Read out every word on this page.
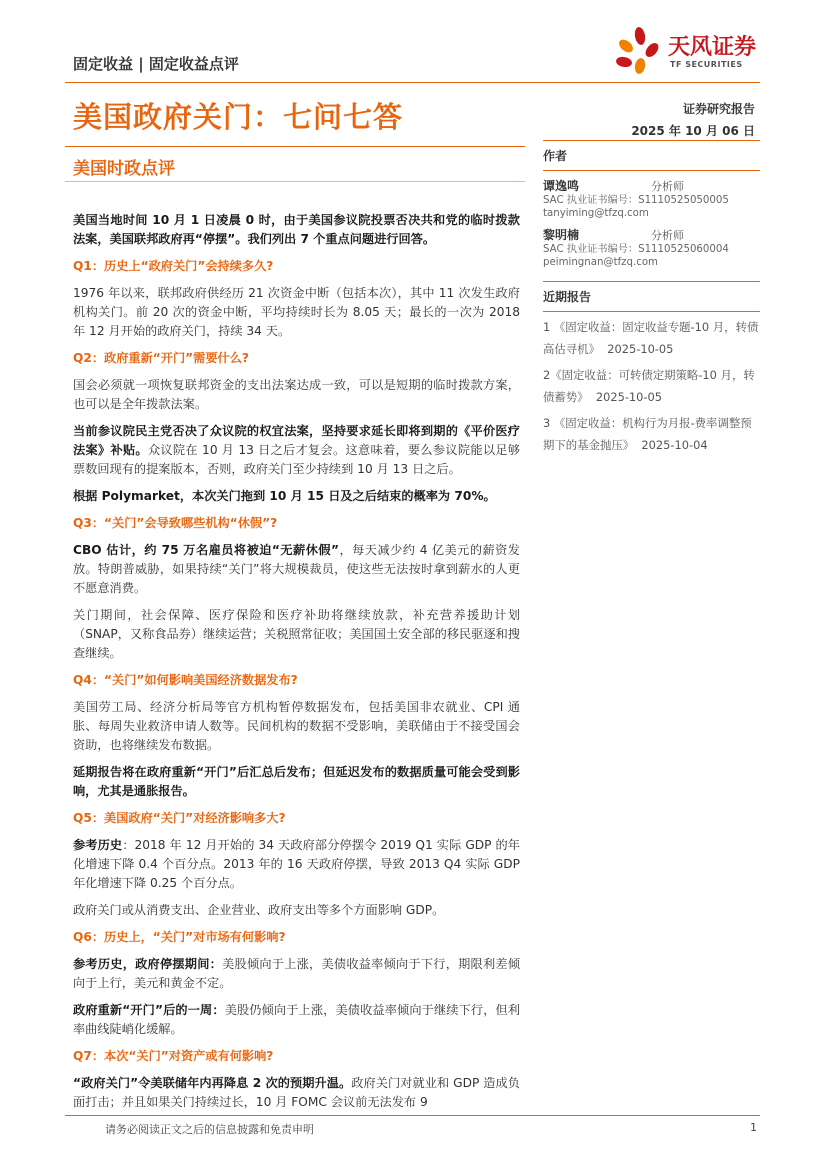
固定收益 | 固定收益点评
天风证券
TF SECURITIES
美国政府关门：七问七答	证券研究报告
2025 年 10 月 06 日
美国时政点评

美国当地时间 10 月 1 日凌晨 0 时，由于美国参议院投票否决共和党的临时拨款法案，美国联邦政府再“停摆”。我们列出 7 个重点问题进行回答。

Q1：历史上“政府关门”会持续多久?

1976 年以来，联邦政府供经历 21 次资金中断（包括本次），其中 11 次发生政府机构关门。前 20 次的资金中断，平均持续时长为 8.05 天；最长的一次为 2018 年 12 月开始的政府关门，持续 34 天。

Q2：政府重新“开门”需要什么?

国会必须就一项恢复联邦资金的支出法案达成一致，可以是短期的临时拨款方案，也可以是全年拨款法案。

当前参议院民主党否决了众议院的权宜法案，坚持要求延长即将到期的《平价医疗法案》补贴。众议院在 10 月 13 日之后才复会。这意味着，要么参议院能以足够票数回现有的提案版本，否则，政府关门至少持续到 10 月 13 日之后。

根据 Polymarket，本次关门拖到 10 月 15 日及之后结束的概率为 70%。

Q3：“关门”会导致哪些机构“休假”?

CBO 估计，约 75 万名雇员将被迫“无薪休假”，每天减少约 4 亿美元的薪资发放。特朗普威胁，如果持续“关门”将大规模裁员，使这些无法按时拿到薪水的人更不愿意消费。

关门期间，社会保障、医疗保险和医疗补助将继续放款，补充营养援助计划（SNAP，又称食品券）继续运营；关税照常征收；美国国土安全部的移民驱逐和搜查继续。

Q4：“关门”如何影响美国经济数据发布?

美国劳工局、经济分析局等官方机构暂停数据发布，包括美国非农就业、CPI 通胀、每周失业救济申请人数等。民间机构的数据不受影响，美联储由于不接受国会资助，也将继续发布数据。

延期报告将在政府重新“开门”后汇总后发布；但延迟发布的数据质量可能会受到影响，尤其是通胀报告。

Q5：美国政府“关门”对经济影响多大?

参考历史：2018 年 12 月开始的 34 天政府部分停摆令 2019 Q1 实际 GDP 的年化增速下降 0.4 个百分点。2013 年的 16 天政府停摆，导致 2013 Q4 实际 GDP 年化增速下降 0.25 个百分点。

政府关门或从消费支出、企业营业、政府支出等多个方面影响 GDP。

Q6：历史上，“关门”对市场有何影响?

参考历史，政府停摆期间：美股倾向于上涨，美债收益率倾向于下行，期限利差倾向于上行，美元和黄金不定。

政府重新“开门”后的一周：美股仍倾向于上涨，美债收益率倾向于继续下行，但利率曲线陡峭化缓解。

Q7：本次“关门”对资产或有何影响?

“政府关门”令美联储年内再降息 2 次的预期升温。政府关门对就业和 GDP 造成负面打击；并且如果关门持续过长，10 月 FOMC 会议前无法发布 9

作者
谭逸鸣	分析师
SAC 执业证书编号：S1110525050005
tanyiming@tfzq.com
黎明楠	分析师
SAC 执业证书编号：S1110525060004
peimingnan@tfzq.com
近期报告
1 《固定收益：固定收益专题-10 月，转债高估寻机》 2025-10-05
2《固定收益：可转债定期策略-10 月，转债蓄势》 2025-10-05
3 《固定收益：机构行为月报-费率调整预期下的基金抛压》 2025-10-04
请务必阅读正文之后的信息披露和免责申明	1
